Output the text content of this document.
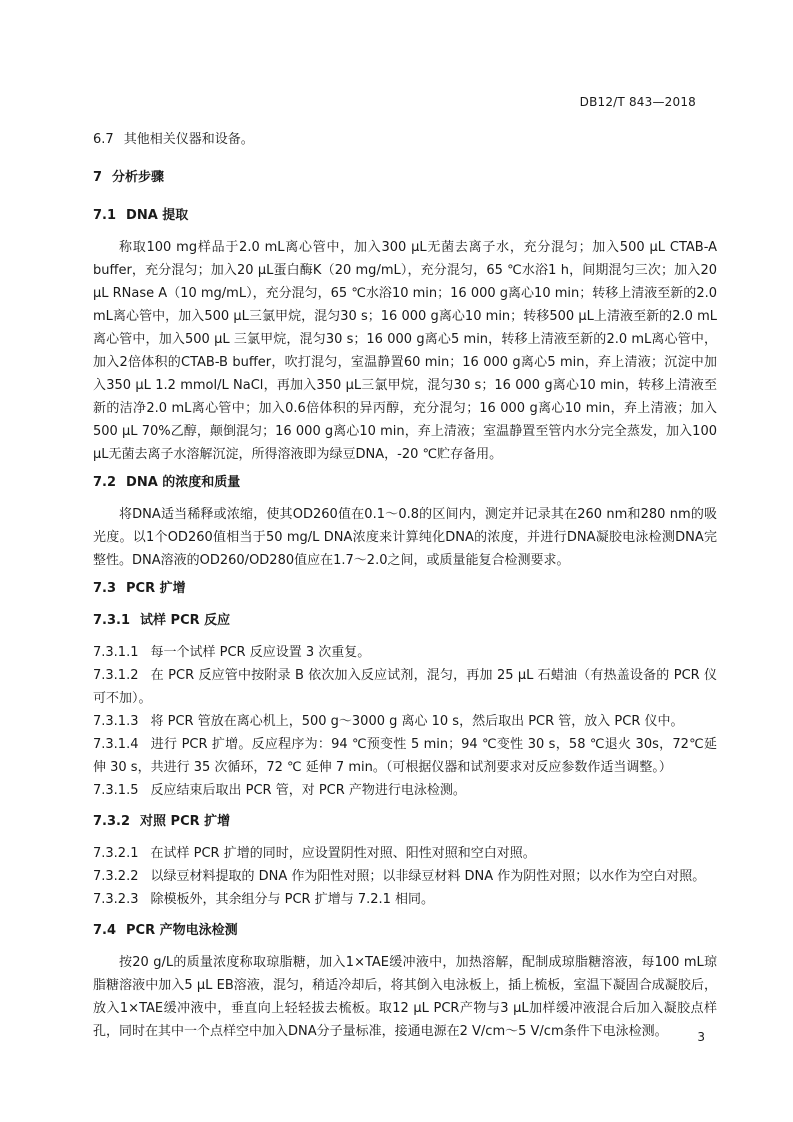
DB12/T 843—2018
6.7 其他相关仪器和设备。
7 分析步骤
7.1 DNA 提取

称取100 mg样品于2.0 mL离心管中，加入300 μL无菌去离子水，充分混匀；加入500 μL CTAB-A buffer，充分混匀；加入20 μL蛋白酶K（20 mg/mL），充分混匀，65 ℃水浴1 h，间期混匀三次；加入20 μL RNase A（10 mg/mL），充分混匀，65 ℃水浴10 min；16 000 g离心10 min；转移上清液至新的2.0 mL离心管中，加入500 μL三氯甲烷，混匀30 s；16 000 g离心10 min；转移500 μL上清液至新的2.0 mL离心管中，加入500 μL 三氯甲烷，混匀30 s；16 000 g离心5 min，转移上清液至新的2.0 mL离心管中，加入2倍体积的CTAB-B buffer，吹打混匀，室温静置60 min；16 000 g离心5 min，弃上清液；沉淀中加入350 μL 1.2 mmol/L NaCl，再加入350 μL三氯甲烷，混匀30 s；16 000 g离心10 min，转移上清液至新的洁净2.0 mL离心管中；加入0.6倍体积的异丙醇，充分混匀；16 000 g离心10 min，弃上清液；加入500 μL 70%乙醇，颠倒混匀；16 000 g离心10 min，弃上清液；室温静置至管内水分完全蒸发，加入100 μL无菌去离子水溶解沉淀，所得溶液即为绿豆DNA，-20 ℃贮存备用。

7.2 DNA 的浓度和质量

将DNA适当稀释或浓缩，使其OD260值在0.1～0.8的区间内，测定并记录其在260 nm和280 nm的吸光度。以1个OD260值相当于50 mg/L DNA浓度来计算纯化DNA的浓度，并进行DNA凝胶电泳检测DNA完整性。DNA溶液的OD260/OD280值应在1.7～2.0之间，或质量能复合检测要求。

7.3 PCR 扩增
7.3.1 试样 PCR 反应

7.3.1.1 每一个试样 PCR 反应设置 3 次重复。

7.3.1.2 在 PCR 反应管中按附录 B 依次加入反应试剂，混匀，再加 25 μL 石蜡油（有热盖设备的 PCR 仪可不加）。

7.3.1.3 将 PCR 管放在离心机上，500 g～3000 g 离心 10 s，然后取出 PCR 管，放入 PCR 仪中。

7.3.1.4 进行 PCR 扩增。反应程序为：94 ℃预变性 5 min；94 ℃变性 30 s，58 ℃退火 30s，72℃延伸 30 s，共进行 35 次循环，72 ℃ 延伸 7 min。（可根据仪器和试剂要求对反应参数作适当调整。）

7.3.1.5 反应结束后取出 PCR 管，对 PCR 产物进行电泳检测。

7.3.2 对照 PCR 扩增

7.3.2.1 在试样 PCR 扩增的同时，应设置阴性对照、阳性对照和空白对照。

7.3.2.2 以绿豆材料提取的 DNA 作为阳性对照；以非绿豆材料 DNA 作为阴性对照；以水作为空白对照。

7.3.2.3 除模板外，其余组分与 PCR 扩增与 7.2.1 相同。

7.4 PCR 产物电泳检测

按20 g/L的质量浓度称取琼脂糖，加入1×TAE缓冲液中，加热溶解，配制成琼脂糖溶液，每100 mL琼脂糖溶液中加入5 μL EB溶液，混匀，稍适冷却后，将其倒入电泳板上，插上梳板，室温下凝固合成凝胶后，放入1×TAE缓冲液中，垂直向上轻轻拔去梳板。取12 μL PCR产物与3 μL加样缓冲液混合后加入凝胶点样孔，同时在其中一个点样空中加入DNA分子量标准，接通电源在2 V/cm～5 V/cm条件下电泳检测。	3
